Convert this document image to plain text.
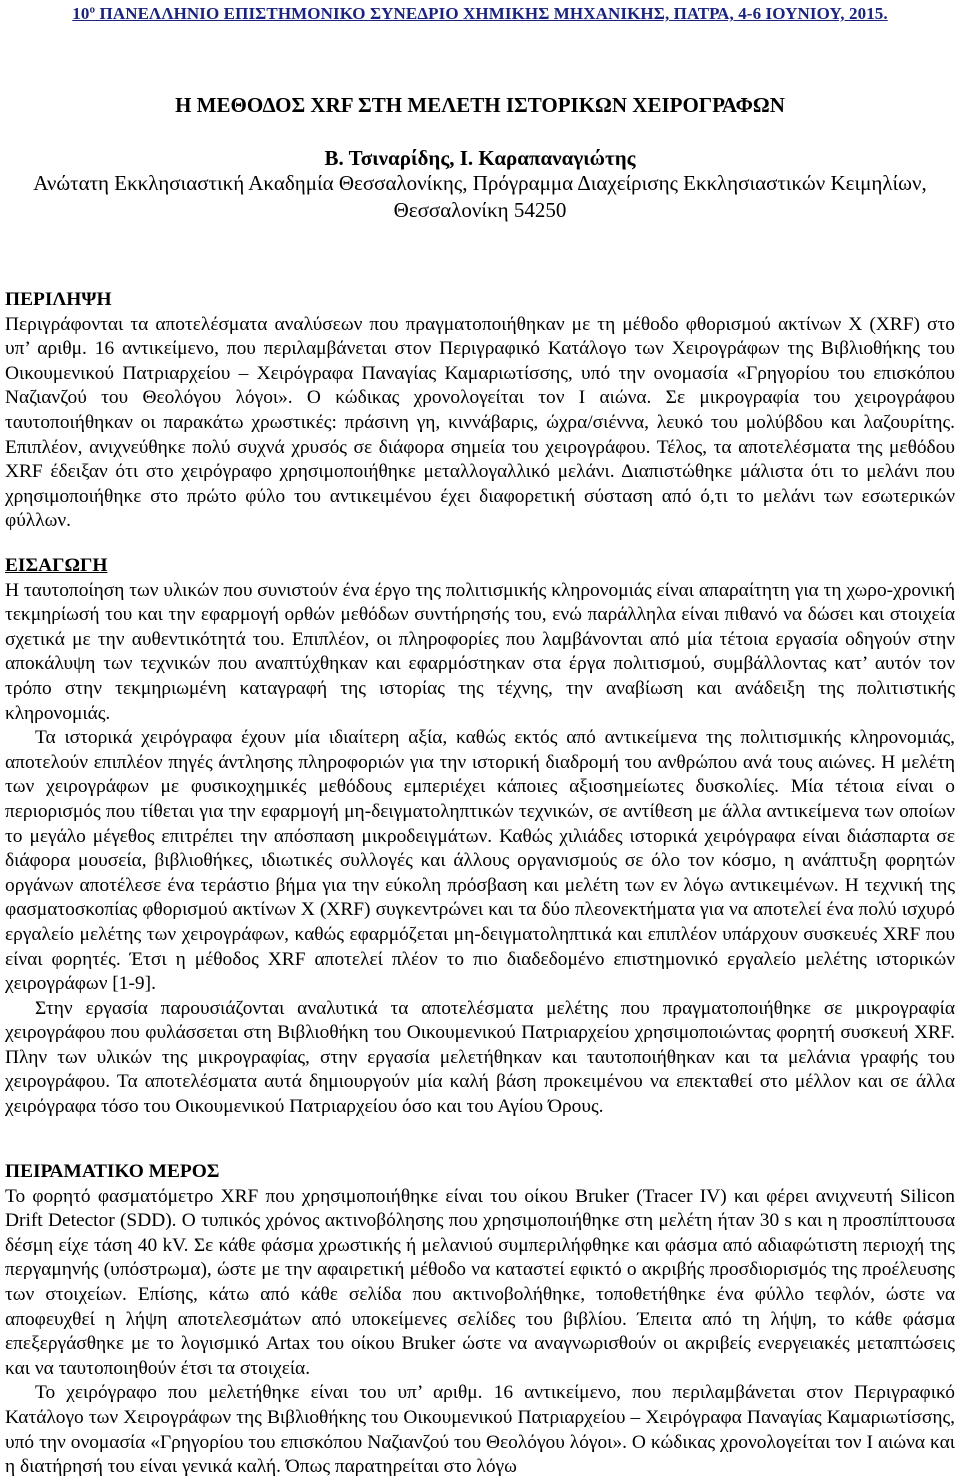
10º ΠΑΝΕΛΛΗΝΙΟ ΕΠΙΣΤΗΜΟΝΙΚΟ ΣΥΝΕΔΡΙΟ ΧΗΜΙΚΗΣ ΜΗΧΑΝΙΚΗΣ, ΠΑΤΡΑ, 4-6 ΙΟΥΝΙΟΥ, 2015.
Η ΜΕΘΟΔΟΣ XRF ΣΤΗ ΜΕΛΕΤΗ ΙΣΤΟΡΙΚΩΝ ΧΕΙΡΟΓΡΑΦΩΝ
Β. Τσιναρίδης, Ι. Καραπαναγιώτης
Ανώτατη Εκκλησιαστική Ακαδημία Θεσσαλονίκης, Πρόγραμμα Διαχείρισης Εκκλησιαστικών Κειμηλίων,
Θεσσαλονίκη 54250
ΠΕΡΙΛΗΨΗ

Περιγράφονται τα αποτελέσματα αναλύσεων που πραγματοποιήθηκαν με τη μέθοδο φθορισμού ακτίνων X (XRF) στο υπ’ αριθμ. 16 αντικείμενο, που περιλαμβάνεται στον Περιγραφικό Κατάλογο των Χειρογράφων της Βιβλιοθήκης του Οικουμενικού Πατριαρχείου – Χειρόγραφα Παναγίας Καμαριωτίσσης, υπό την ονομασία «Γρηγορίου του επισκόπου Ναζιανζού του Θεολόγου λόγοι». Ο κώδικας χρονολογείται τον Ι αιώνα. Σε μικρογραφία του χειρογράφου ταυτοποιήθηκαν οι παρακάτω χρωστικές: πράσινη γη, κιννάβαρις, ώχρα/σιέννα, λευκό του μολύβδου και λαζουρίτης. Επιπλέον, ανιχνεύθηκε πολύ συχνά χρυσός σε διάφορα σημεία του χειρογράφου. Τέλος, τα αποτελέσματα της μεθόδου XRF έδειξαν ότι στο χειρόγραφο χρησιμοποιήθηκε μεταλλογαλλικό μελάνι. Διαπιστώθηκε μάλιστα ότι το μελάνι που χρησιμοποιήθηκε στο πρώτο φύλο του αντικειμένου έχει διαφορετική σύσταση από ό,τι το μελάνι των εσωτερικών φύλλων.

ΕΙΣΑΓΩΓΗ

Η ταυτοποίηση των υλικών που συνιστούν ένα έργο της πολιτισμικής κληρονομιάς είναι απαραίτητη για τη χωρο-χρονική τεκμηρίωσή του και την εφαρμογή ορθών μεθόδων συντήρησής του, ενώ παράλληλα είναι πιθανό να δώσει και στοιχεία σχετικά με την αυθεντικότητά του. Επιπλέον, οι πληροφορίες που λαμβάνονται από μία τέτοια εργασία οδηγούν στην αποκάλυψη των τεχνικών που αναπτύχθηκαν και εφαρμόστηκαν στα έργα πολιτισμού, συμβάλλοντας κατ’ αυτόν τον τρόπο στην τεκμηριωμένη καταγραφή της ιστορίας της τέχνης, την αναβίωση και ανάδειξη της πολιτιστικής κληρονομιάς.

Τα ιστορικά χειρόγραφα έχουν μία ιδιαίτερη αξία, καθώς εκτός από αντικείμενα της πολιτισμικής κληρονομιάς, αποτελούν επιπλέον πηγές άντλησης πληροφοριών για την ιστορική διαδρομή του ανθρώπου ανά τους αιώνες. Η μελέτη των χειρογράφων με φυσικοχημικές μεθόδους εμπεριέχει κάποιες αξιοσημείωτες δυσκολίες. Μία τέτοια είναι ο περιορισμός που τίθεται για την εφαρμογή μη-δειγματοληπτικών τεχνικών, σε αντίθεση με άλλα αντικείμενα των οποίων το μεγάλο μέγεθος επιτρέπει την απόσπαση μικροδειγμάτων. Καθώς χιλιάδες ιστορικά χειρόγραφα είναι διάσπαρτα σε διάφορα μουσεία, βιβλιοθήκες, ιδιωτικές συλλογές και άλλους οργανισμούς σε όλο τον κόσμο, η ανάπτυξη φορητών οργάνων αποτέλεσε ένα τεράστιο βήμα για την εύκολη πρόσβαση και μελέτη των εν λόγω αντικειμένων. Η τεχνική της φασματοσκοπίας φθορισμού ακτίνων X (XRF) συγκεντρώνει και τα δύο πλεονεκτήματα για να αποτελεί ένα πολύ ισχυρό εργαλείο μελέτης των χειρογράφων, καθώς εφαρμόζεται μη-δειγματοληπτικά και επιπλέον υπάρχουν συσκευές XRF που είναι φορητές. Έτσι η μέθοδος XRF αποτελεί πλέον το πιο διαδεδομένο επιστημονικό εργαλείο μελέτης ιστορικών χειρογράφων [1-9].

Στην εργασία παρουσιάζονται αναλυτικά τα αποτελέσματα μελέτης που πραγματοποιήθηκε σε μικρογραφία χειρογράφου που φυλάσσεται στη Βιβλιοθήκη του Οικουμενικού Πατριαρχείου χρησιμοποιώντας φορητή συσκευή XRF. Πλην των υλικών της μικρογραφίας, στην εργασία μελετήθηκαν και ταυτοποιήθηκαν και τα μελάνια γραφής του χειρογράφου. Τα αποτελέσματα αυτά δημιουργούν μία καλή βάση προκειμένου να επεκταθεί στο μέλλον και σε άλλα χειρόγραφα τόσο του Οικουμενικού Πατριαρχείου όσο και του Αγίου Όρους.

ΠΕΙΡΑΜΑΤΙΚΟ ΜΕΡΟΣ

Το φορητό φασματόμετρο XRF που χρησιμοποιήθηκε είναι του οίκου Bruker (Tracer IV) και φέρει ανιχνευτή Silicon Drift Detector (SDD). Ο τυπικός χρόνος ακτινοβόλησης που χρησιμοποιήθηκε στη μελέτη ήταν 30 s και η προσπίπτουσα δέσμη είχε τάση 40 kV. Σε κάθε φάσμα χρωστικής ή μελανιού συμπεριλήφθηκε και φάσμα από αδιαφώτιστη περιοχή της περγαμηνής (υπόστρωμα), ώστε με την αφαιρετική μέθοδο να καταστεί εφικτό ο ακριβής προσδιορισμός της προέλευσης των στοιχείων. Επίσης, κάτω από κάθε σελίδα που ακτινοβολήθηκε, τοποθετήθηκε ένα φύλλο τεφλόν, ώστε να αποφευχθεί η λήψη αποτελεσμάτων από υποκείμενες σελίδες του βιβλίου. Έπειτα από τη λήψη, το κάθε φάσμα επεξεργάσθηκε με το λογισμικό Artax του οίκου Bruker ώστε να αναγνωρισθούν οι ακριβείς ενεργειακές μεταπτώσεις και να ταυτοποιηθούν έτσι τα στοιχεία.

Το χειρόγραφο που μελετήθηκε είναι του υπ’ αριθμ. 16 αντικείμενο, που περιλαμβάνεται στον Περιγραφικό Κατάλογο των Χειρογράφων της Βιβλιοθήκης του Οικουμενικού Πατριαρχείου – Χειρόγραφα Παναγίας Καμαριωτίσσης, υπό την ονομασία «Γρηγορίου του επισκόπου Ναζιανζού του Θεολόγου λόγοι». Ο κώδικας χρονολογείται τον Ι αιώνα και η διατήρησή του είναι γενικά καλή. Όπως παρατηρείται στο λόγω
